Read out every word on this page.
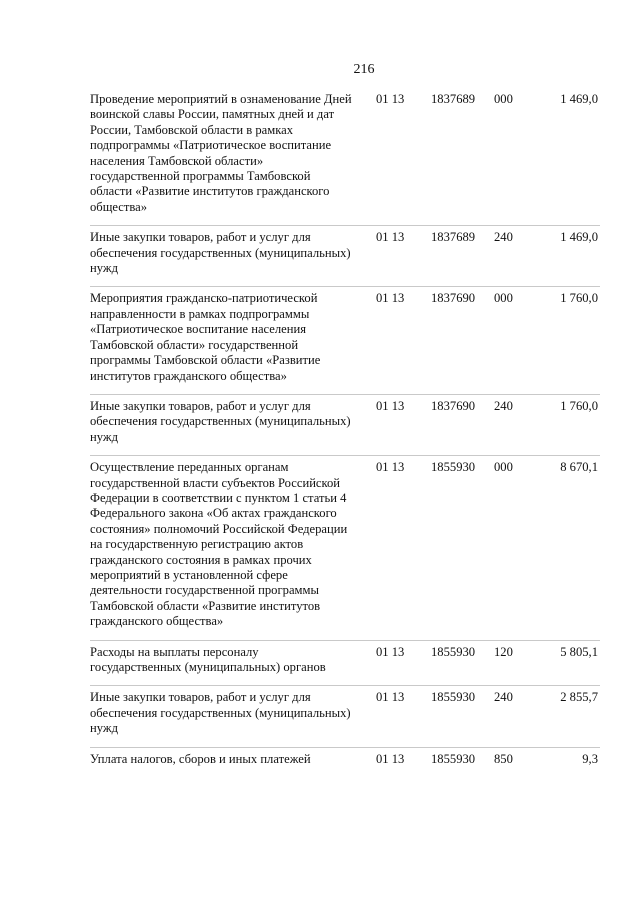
216
Проведение мероприятий в ознаменование Дней воинской славы России, памятных дней и дат России, Тамбовской области в рамках подпрограммы «Патриотическое воспитание населения Тамбовской области» государственной программы Тамбовской области «Развитие институтов гражданского общества»
01 13 1837689 000	1 469,0
Иные закупки товаров, работ и услуг для обеспечения государственных (муниципальных) нужд
01 13 1837689 240	1 469,0
Мероприятия гражданско-патриотической направленности в рамках подпрограммы «Патриотическое воспитание населения Тамбовской области» государственной программы Тамбовской области «Развитие институтов гражданского общества»
01 13 1837690 000	1 760,0
Иные закупки товаров, работ и услуг для обеспечения государственных (муниципальных) нужд
01 13 1837690 240	1 760,0
Осуществление переданных органам государственной власти субъектов Российской Федерации в соответствии с пунктом 1 статьи 4 Федерального закона «Об актах гражданского состояния» полномочий Российской Федерации на государственную регистрацию актов гражданского состояния в рамках прочих мероприятий в установленной сфере деятельности государственной программы Тамбовской области «Развитие институтов гражданского общества»
01 13 1855930 000	8 670,1
Расходы на выплаты персоналу государственных (муниципальных) органов
01 13 1855930 120	5 805,1
Иные закупки товаров, работ и услуг для обеспечения государственных (муниципальных) нужд
01 13 1855930 240	2 855,7
Уплата налогов, сборов и иных платежей	01 13 1855930 850	9,3
